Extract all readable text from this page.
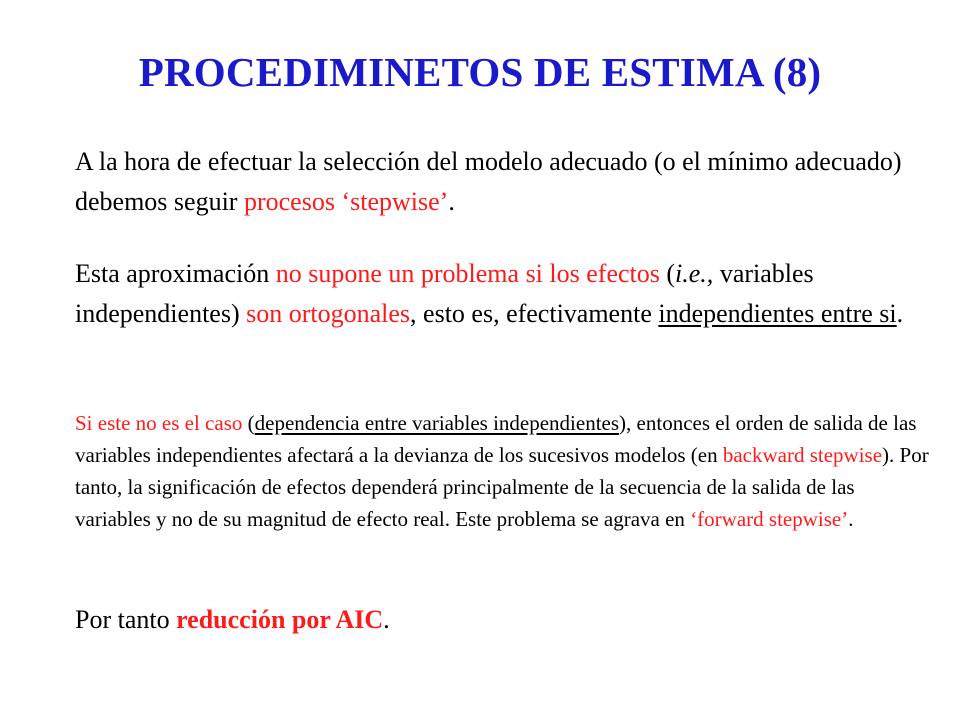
PROCEDIMINETOS DE ESTIMA (8)

A la hora de efectuar la selección del modelo adecuado (o el mínimo adecuado) debemos seguir procesos ‘stepwise’.

Esta aproximación no supone un problema si los efectos (i.e., variables independientes) son ortogonales, esto es, efectivamente independientes entre si.

Si este no es el caso (dependencia entre variables independientes), entonces el orden de salida de las variables independientes afectará a la devianza de los sucesivos modelos (en backward stepwise). Por tanto, la significación de efectos dependerá principalmente de la secuencia de la salida de las variables y no de su magnitud de efecto real. Este problema se agrava en ‘forward stepwise’.

Por tanto reducción por AIC.
